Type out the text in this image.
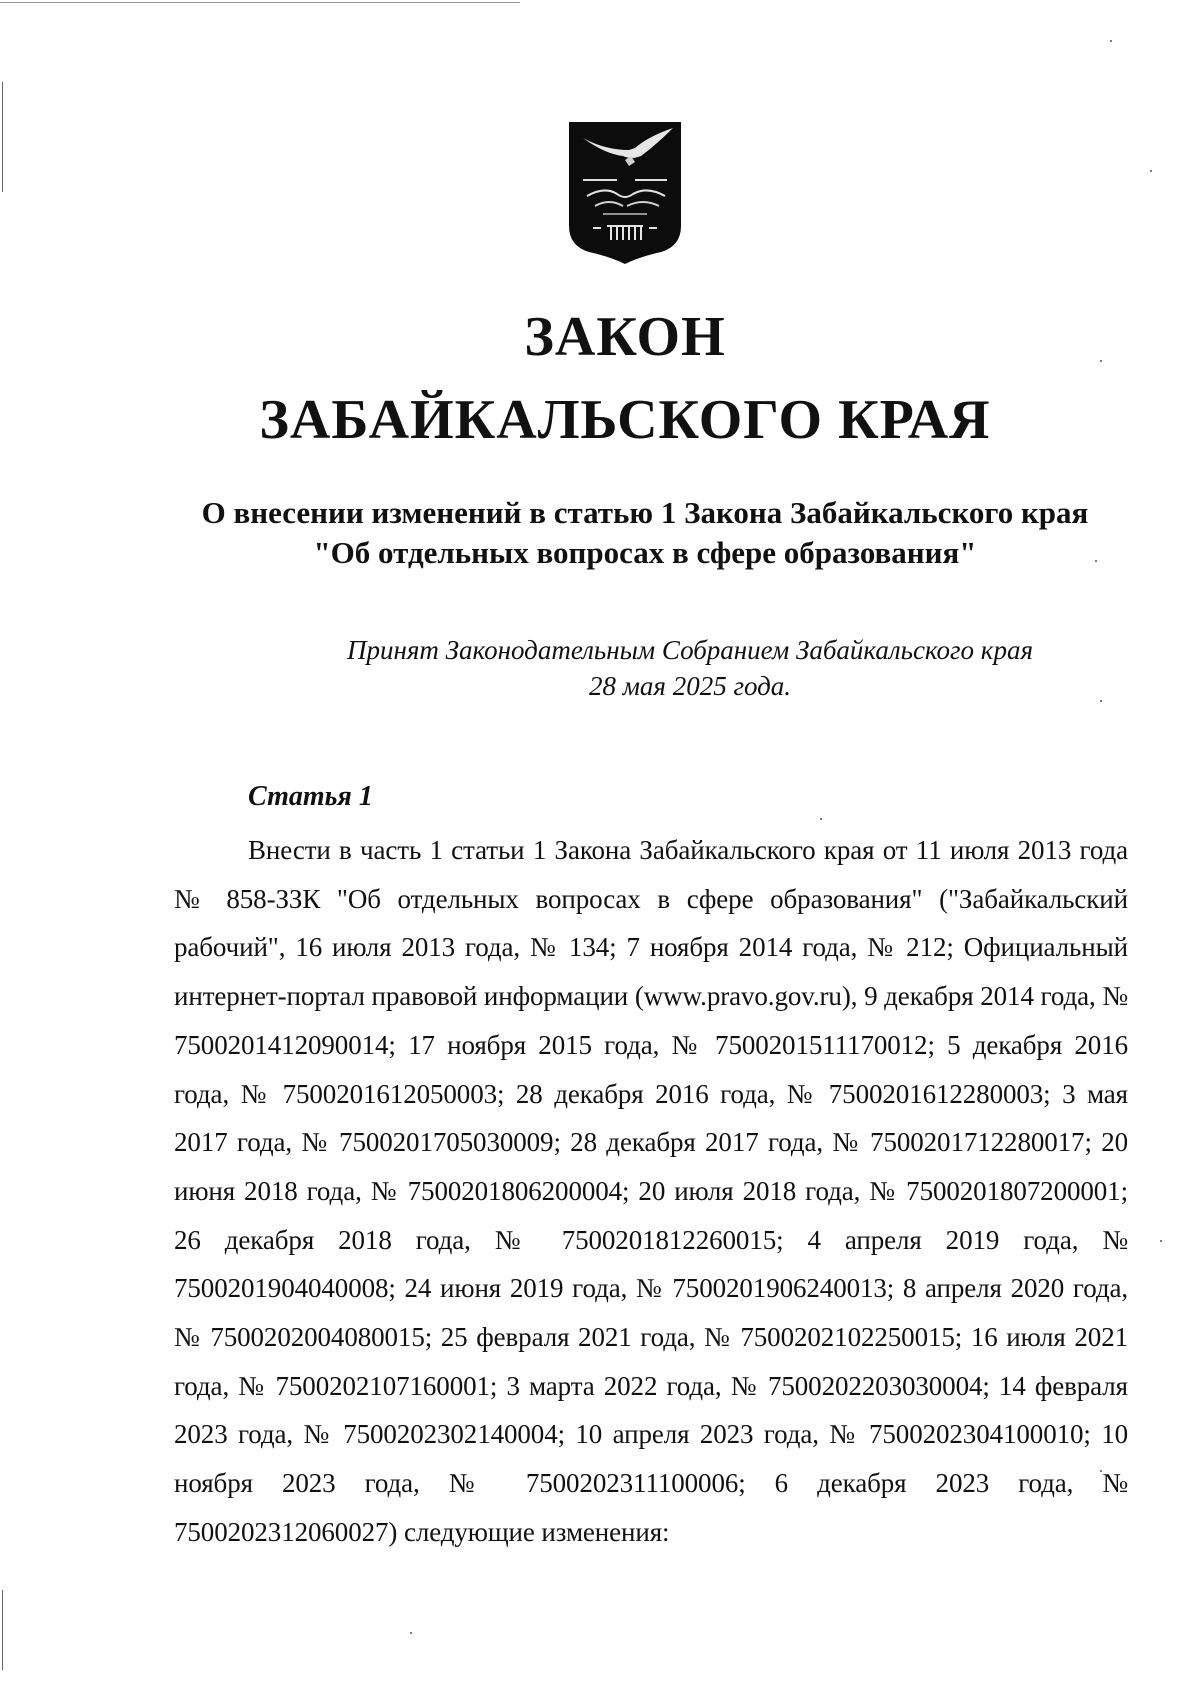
ЗАКОН
ЗАБАЙКАЛЬСКОГО КРАЯ
О внесении изменений в статью 1 Закона Забайкальского края
"Об отдельных вопросах в сфере образования"
Принят Законодательным Собранием Забайкальского края
28 мая 2025 года.
Статья 1

Внести в часть 1 статьи 1 Закона Забайкальского края от 11 июля 2013 года № 858-ЗЗК "Об отдельных вопросах в сфере образования" ("Забайкальский рабочий", 16 июля 2013 года, № 134; 7 ноября 2014 года, № 212; Официальный интернет-портал правовой информации (www.pravo.gov.ru), 9 декабря 2014 года, № 7500201412090014; 17 ноября 2015 года, № 7500201511170012; 5 декабря 2016 года, № 7500201612050003; 28 декабря 2016 года, № 7500201612280003; 3 мая 2017 года, № 7500201705030009; 28 декабря 2017 года, № 7500201712280017; 20 июня 2018 года, № 7500201806200004; 20 июля 2018 года, № 7500201807200001; 26 декабря 2018 года, № 7500201812260015; 4 апреля 2019 года, № 7500201904040008; 24 июня 2019 года, № 7500201906240013; 8 апреля 2020 года, № 7500202004080015; 25 февраля 2021 года, № 7500202102250015; 16 июля 2021 года, № 7500202107160001; 3 марта 2022 года, № 7500202203030004; 14 февраля 2023 года, № 7500202302140004; 10 апреля 2023 года, № 7500202304100010; 10 ноября 2023 года, № 7500202311100006; 6 декабря 2023 года, № 7500202312060027) следующие изменения:
